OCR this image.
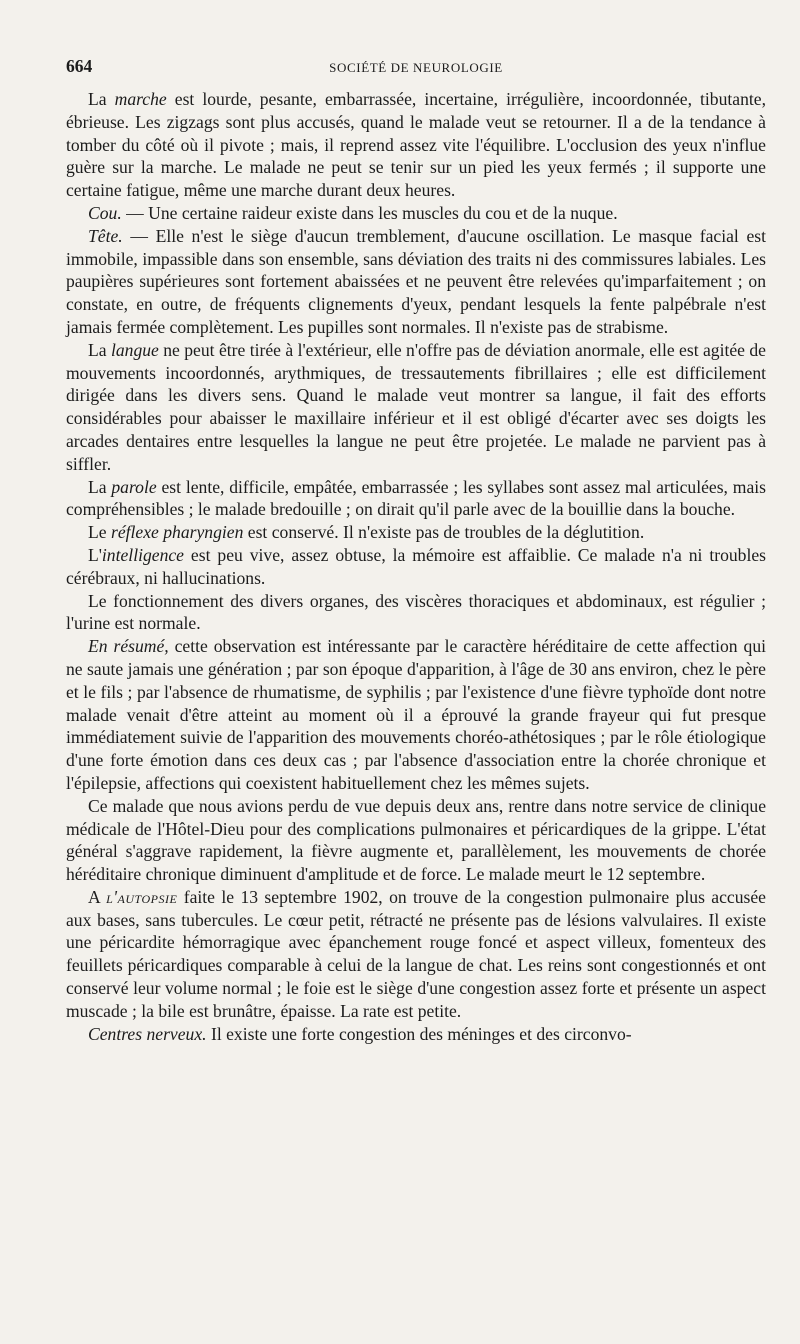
664	SOCIÉTÉ DE NEUROLOGIE

La marche est lourde, pesante, embarrassée, incertaine, irrégulière, incoordonnée, tibutante, ébrieuse. Les zigzags sont plus accusés, quand le malade veut se retourner. Il a de la tendance à tomber du côté où il pivote ; mais, il reprend assez vite l'équilibre. L'occlusion des yeux n'influe guère sur la marche. Le malade ne peut se tenir sur un pied les yeux fermés ; il supporte une certaine fatigue, même une marche durant deux heures.

Cou. — Une certaine raideur existe dans les muscles du cou et de la nuque.

Tête. — Elle n'est le siège d'aucun tremblement, d'aucune oscillation. Le masque facial est immobile, impassible dans son ensemble, sans déviation des traits ni des commissures labiales. Les paupières supérieures sont fortement abaissées et ne peuvent être relevées qu'imparfaitement ; on constate, en outre, de fréquents clignements d'yeux, pendant lesquels la fente palpébrale n'est jamais fermée complètement. Les pupilles sont normales. Il n'existe pas de strabisme.

La langue ne peut être tirée à l'extérieur, elle n'offre pas de déviation anormale, elle est agitée de mouvements incoordonnés, arythmiques, de tressautements fibrillaires ; elle est difficilement dirigée dans les divers sens. Quand le malade veut montrer sa langue, il fait des efforts considérables pour abaisser le maxillaire inférieur et il est obligé d'écarter avec ses doigts les arcades dentaires entre lesquelles la langue ne peut être projetée. Le malade ne parvient pas à siffler.

La parole est lente, difficile, empâtée, embarrassée ; les syllabes sont assez mal articulées, mais compréhensibles ; le malade bredouille ; on dirait qu'il parle avec de la bouillie dans la bouche.

Le réflexe pharyngien est conservé. Il n'existe pas de troubles de la déglutition.

L'intelligence est peu vive, assez obtuse, la mémoire est affaiblie. Ce malade n'a ni troubles cérébraux, ni hallucinations.

Le fonctionnement des divers organes, des viscères thoraciques et abdominaux, est régulier ; l'urine est normale.

En résumé, cette observation est intéressante par le caractère héréditaire de cette affection qui ne saute jamais une génération ; par son époque d'apparition, à l'âge de 30 ans environ, chez le père et le fils ; par l'absence de rhumatisme, de syphilis ; par l'existence d'une fièvre typhoïde dont notre malade venait d'être atteint au moment où il a éprouvé la grande frayeur qui fut presque immédiatement suivie de l'apparition des mouvements choréo-athétosiques ; par le rôle étiologique d'une forte émotion dans ces deux cas ; par l'absence d'association entre la chorée chronique et l'épilepsie, affections qui coexistent habituellement chez les mêmes sujets.

Ce malade que nous avions perdu de vue depuis deux ans, rentre dans notre service de clinique médicale de l'Hôtel-Dieu pour des complications pulmonaires et péricardiques de la grippe. L'état général s'aggrave rapidement, la fièvre augmente et, parallèlement, les mouvements de chorée héréditaire chronique diminuent d'amplitude et de force. Le malade meurt le 12 septembre.

A l'autopsie faite le 13 septembre 1902, on trouve de la congestion pulmonaire plus accusée aux bases, sans tubercules. Le cœur petit, rétracté ne présente pas de lésions valvulaires. Il existe une péricardite hémorragique avec épanchement rouge foncé et aspect villeux, fomenteux des feuillets péricardiques comparable à celui de la langue de chat. Les reins sont congestionnés et ont conservé leur volume normal ; le foie est le siège d'une congestion assez forte et présente un aspect muscade ; la bile est brunâtre, épaisse. La rate est petite.

Centres nerveux. Il existe une forte congestion des méninges et des circonvo-
